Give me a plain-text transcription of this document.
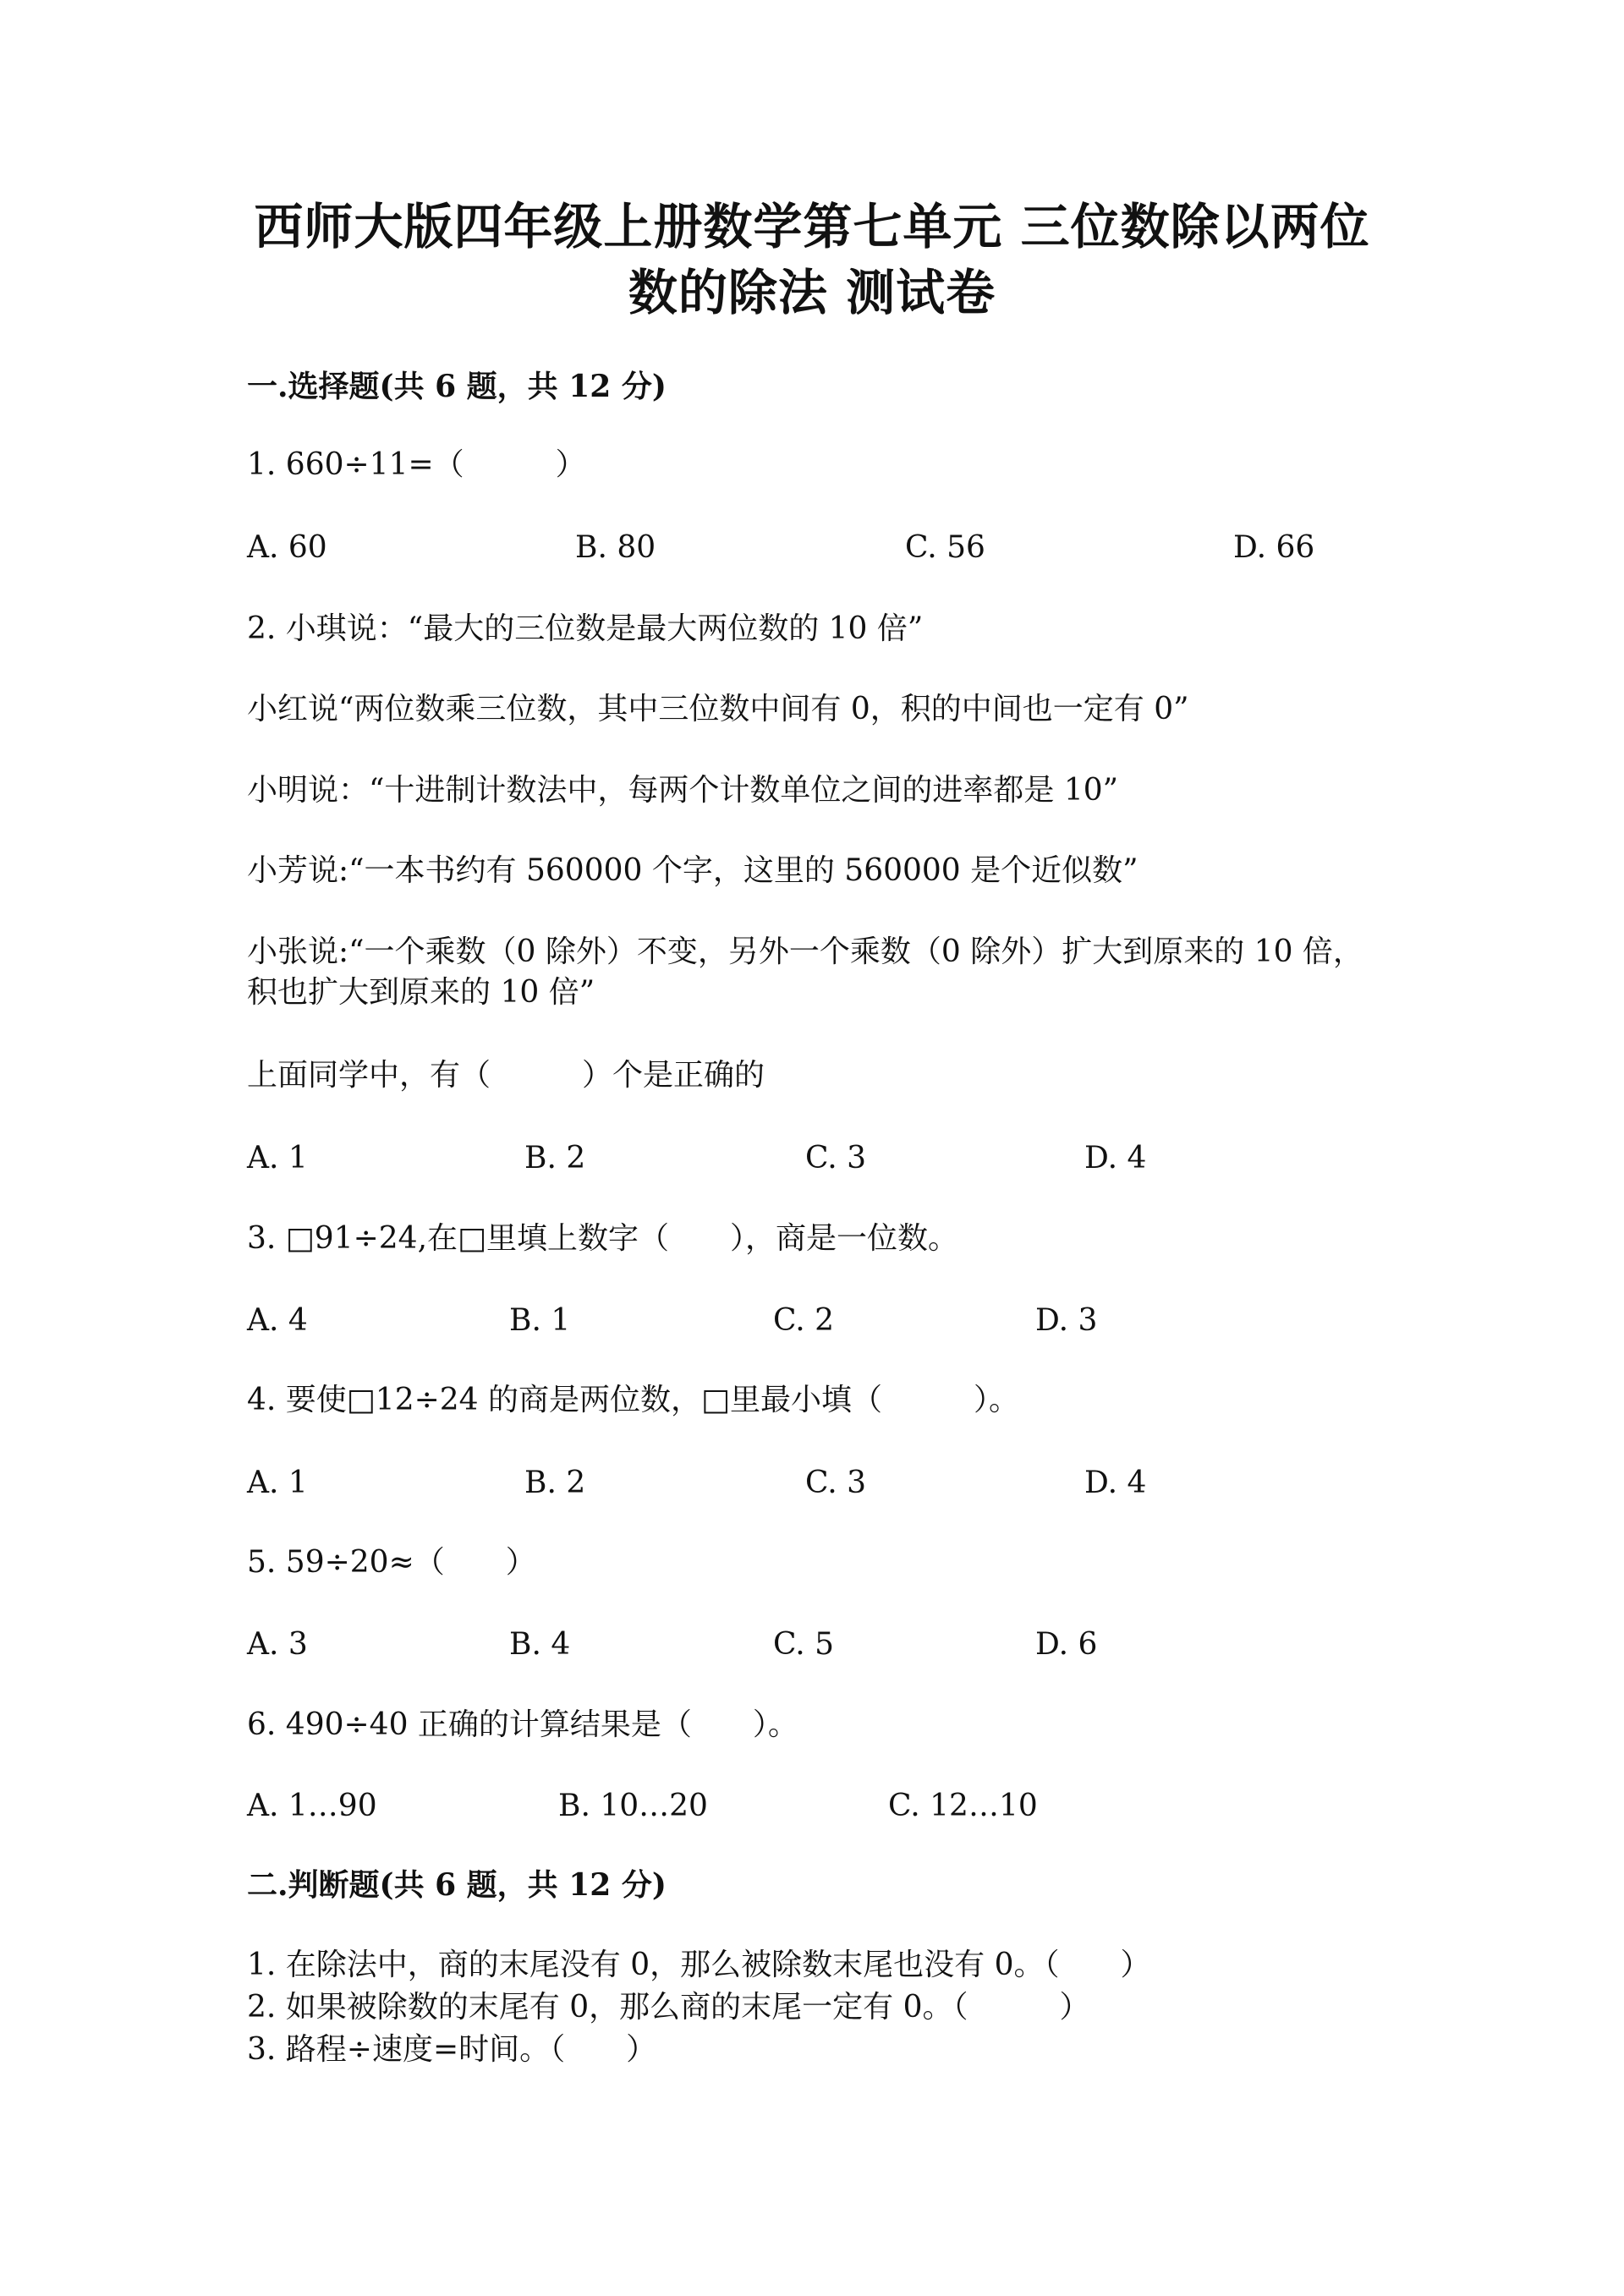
西师大版四年级上册数学第七单元 三位数除以两位
数的除法 测试卷
一.选择题(共 6 题，共 12 分)
1. 660÷11=（　　　）
A. 60	B. 80	C. 56	D. 66
2. 小琪说：“最大的三位数是最大两位数的 10 倍”
小红说“两位数乘三位数，其中三位数中间有 0，积的中间也一定有 0”
小明说：“十进制计数法中，每两个计数单位之间的进率都是 10”
小芳说:“一本书约有 560000 个字，这里的 560000 是个近似数”
小张说:“一个乘数（0 除外）不变，另外一个乘数（0 除外）扩大到原来的 10 倍，积也扩大到原来的 10 倍”
上面同学中，有（　　　）个是正确的
A. 1	B. 2	C. 3	D. 4
3. □91÷24,在□里填上数字（　　），商是一位数。
A. 4	B. 1	C. 2	D. 3
4. 要使□12÷24 的商是两位数，□里最小填（　　　）。
A. 1	B. 2	C. 3	D. 4
5. 59÷20≈（　　）
A. 3	B. 4	C. 5	D. 6
6. 490÷40 正确的计算结果是（　　）。
A. 1…90	B. 10…20	C. 12…10
二.判断题(共 6 题，共 12 分)
1. 在除法中，商的末尾没有 0，那么被除数末尾也没有 0。（　　）
2. 如果被除数的末尾有 0，那么商的末尾一定有 0。（　　　）
3. 路程÷速度=时间。（　　）
